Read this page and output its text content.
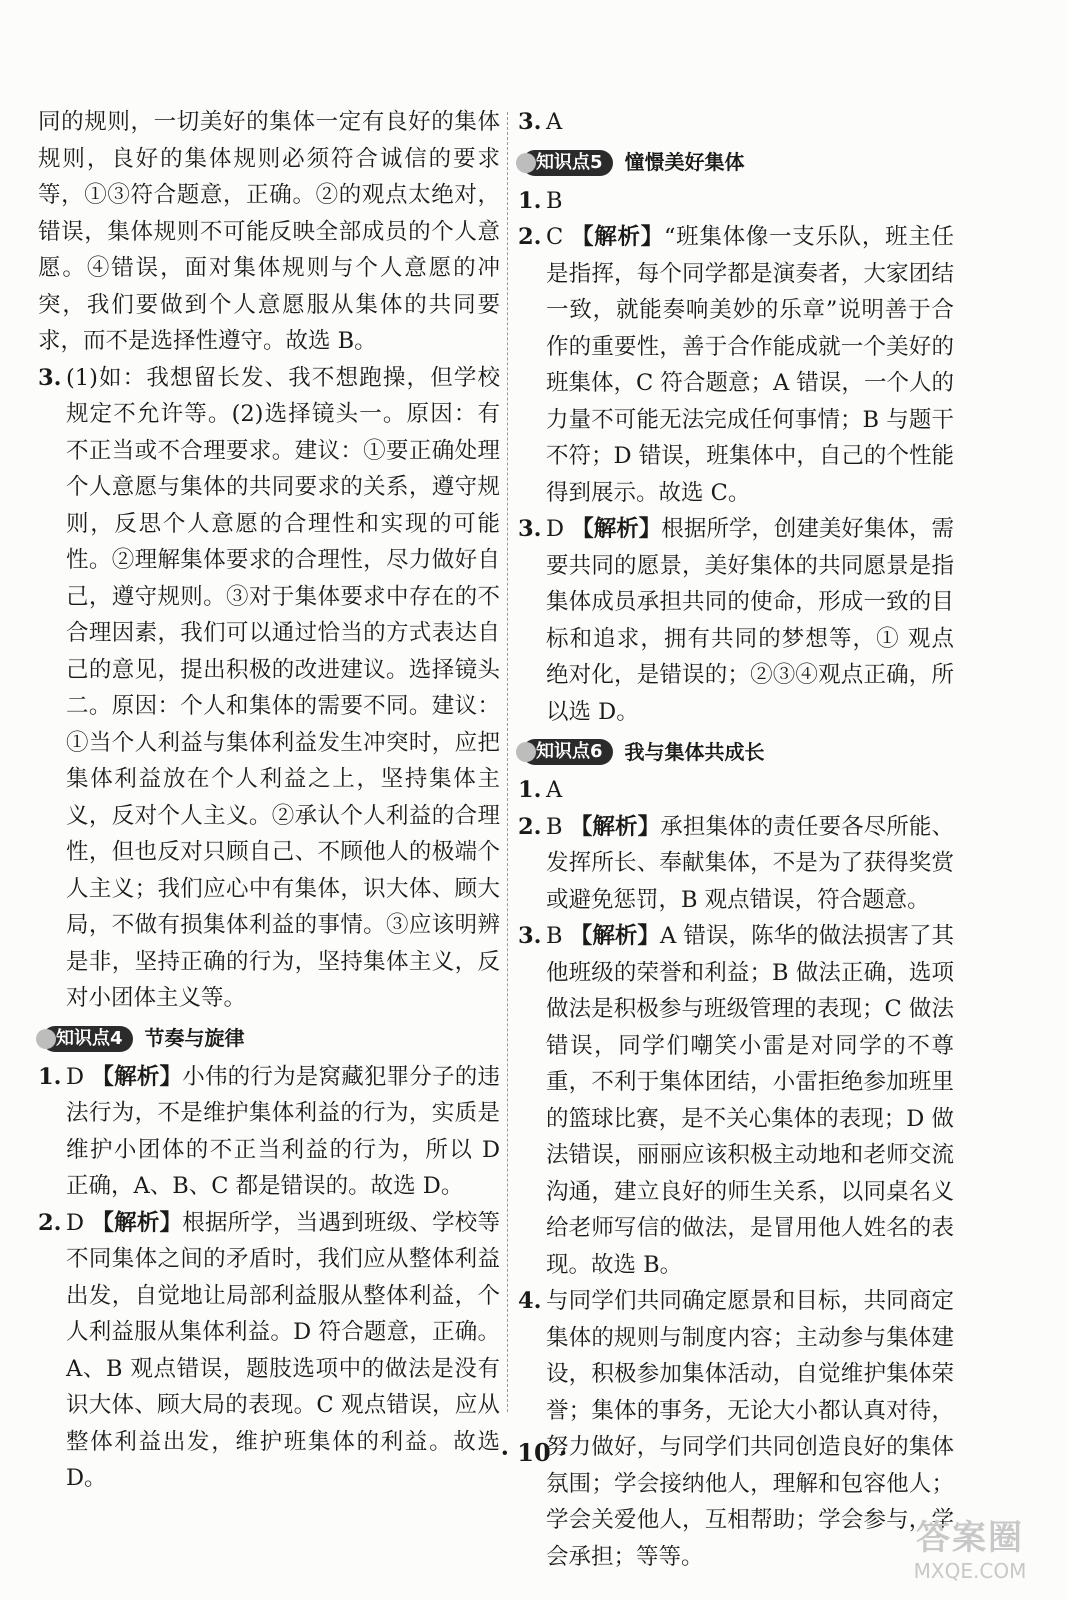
同的规则，一切美好的集体一定有良好的集体规则，良好的集体规则必须符合诚信的要求等，①③符合题意，正确。②的观点太绝对，错误，集体规则不可能反映全部成员的个人意愿。④错误，面对集体规则与个人意愿的冲突，我们要做到个人意愿服从集体的共同要求，而不是选择性遵守。故选 B。

3. (1)如：我想留长发、我不想跑操，但学校规定不允许等。(2)选择镜头一。原因：有不正当或不合理要求。建议：①要正确处理个人意愿与集体的共同要求的关系，遵守规则，反思个人意愿的合理性和实现的可能性。②理解集体要求的合理性，尽力做好自己，遵守规则。③对于集体要求中存在的不合理因素，我们可以通过恰当的方式表达自己的意见，提出积极的改进建议。选择镜头二。原因：个人和集体的需要不同。建议：①当个人利益与集体利益发生冲突时，应把集体利益放在个人利益之上，坚持集体主义，反对个人主义。②承认个人利益的合理性，但也反对只顾自己、不顾他人的极端个人主义；我们应心中有集体，识大体、顾大局，不做有损集体利益的事情。③应该明辨是非，坚持正确的行为，坚持集体主义，反对小团体主义等。
知识点4	节奏与旋律
1. D 【解析】小伟的行为是窝藏犯罪分子的违法行为，不是维护集体利益的行为，实质是维护小团体的不正当利益的行为，所以 D 正确，A、B、C 都是错误的。故选 D。
2. D 【解析】根据所学，当遇到班级、学校等不同集体之间的矛盾时，我们应从整体利益出发，自觉地让局部利益服从整体利益，个人利益服从集体利益。D 符合题意，正确。A、B 观点错误，题肢选项中的做法是没有识大体、顾大局的表现。C 观点错误，应从整体利益出发，维护班集体的利益。故选 D。
3. A
知识点5	憧憬美好集体
1. B
2. C 【解析】“班集体像一支乐队，班主任是指挥，每个同学都是演奏者，大家团结一致，就能奏响美妙的乐章”说明善于合作的重要性，善于合作能成就一个美好的班集体，C 符合题意；A 错误，一个人的力量不可能无法完成任何事情；B 与题干不符；D 错误，班集体中，自己的个性能得到展示。故选 C。
3. D 【解析】根据所学，创建美好集体，需要共同的愿景，美好集体的共同愿景是指集体成员承担共同的使命，形成一致的目标和追求，拥有共同的梦想等，① 观点绝对化，是错误的；②③④观点正确，所以选 D。
知识点6	我与集体共成长
1. A
2. B 【解析】承担集体的责任要各尽所能、发挥所长、奉献集体，不是为了获得奖赏或避免惩罚，B 观点错误，符合题意。
3. B 【解析】A 错误，陈华的做法损害了其他班级的荣誉和利益；B 做法正确，选项做法是积极参与班级管理的表现；C 做法错误，同学们嘲笑小雷是对同学的不尊重，不利于集体团结，小雷拒绝参加班里的篮球比赛，是不关心集体的表现；D 做法错误，丽丽应该积极主动地和老师交流沟通，建立良好的师生关系，以同桌名义给老师写信的做法，是冒用他人姓名的表现。故选 B。
4. 与同学们共同确定愿景和目标，共同商定集体的规则与制度内容；主动参与集体建设，积极参加集体活动，自觉维护集体荣誉；集体的事务，无论大小都认真对待，努力做好，与同学们共同创造良好的集体氛围；学会接纳他人，理解和包容他人；学会关爱他人，互相帮助；学会参与，学会承担；等等。
· 10 ·
答案圈
MXQE.COM
